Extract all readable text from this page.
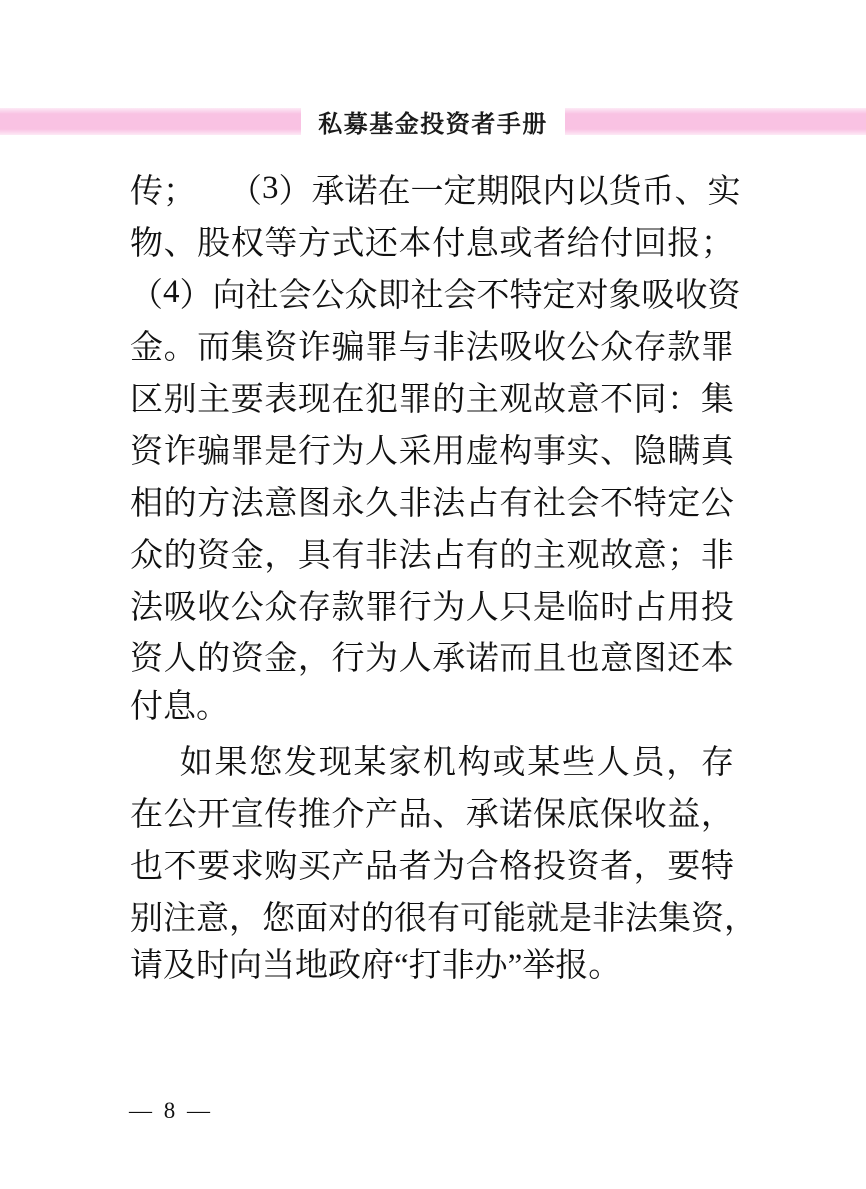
私募基金投资者手册
传 ；
　 （ 3 ） 承 诺 在 一 定 期 限 内 以 货 币 、 实
物 、 股 权 等 方 式 还 本 付 息 或 者 给 付 回 报 ；
（ 4 ） 向 社 会 公 众 即 社 会 不 特 定 对 象 吸 收 资
金 。 而 集 资 诈 骗 罪 与 非 法 吸 收 公 众 存 款 罪
区 别 主 要 表 现 在 犯 罪 的 主 观 故 意 不 同 ： 集
资 诈 骗 罪 是 行 为 人 采 用 虚 构 事 实 、 隐 瞒 真
相 的 方 法 意 图 永 久 非 法 占 有 社 会 不 特 定 公
众 的 资 金 ， 具 有 非 法 占 有 的 主 观 故 意 ； 非
法 吸 收 公 众 存 款 罪 行 为 人 只 是 临 时 占 用 投
资 人 的 资 金 ， 行 为 人 承 诺 而 且 也 意 图 还 本
付息。
如 果 您 发 现 某 家 机 构 或 某 些 人 员 ， 存
在 公 开 宣 传 推 介 产 品 、 承 诺 保 底 保 收 益 ，
也 不 要 求 购 买 产 品 者 为 合 格 投 资 者 ， 要 特
别 注 意 ， 您 面 对 的 很 有 可 能 就 是 非 法 集 资 ，
请及时向当地政府“打非办”举报。

— 8 —
